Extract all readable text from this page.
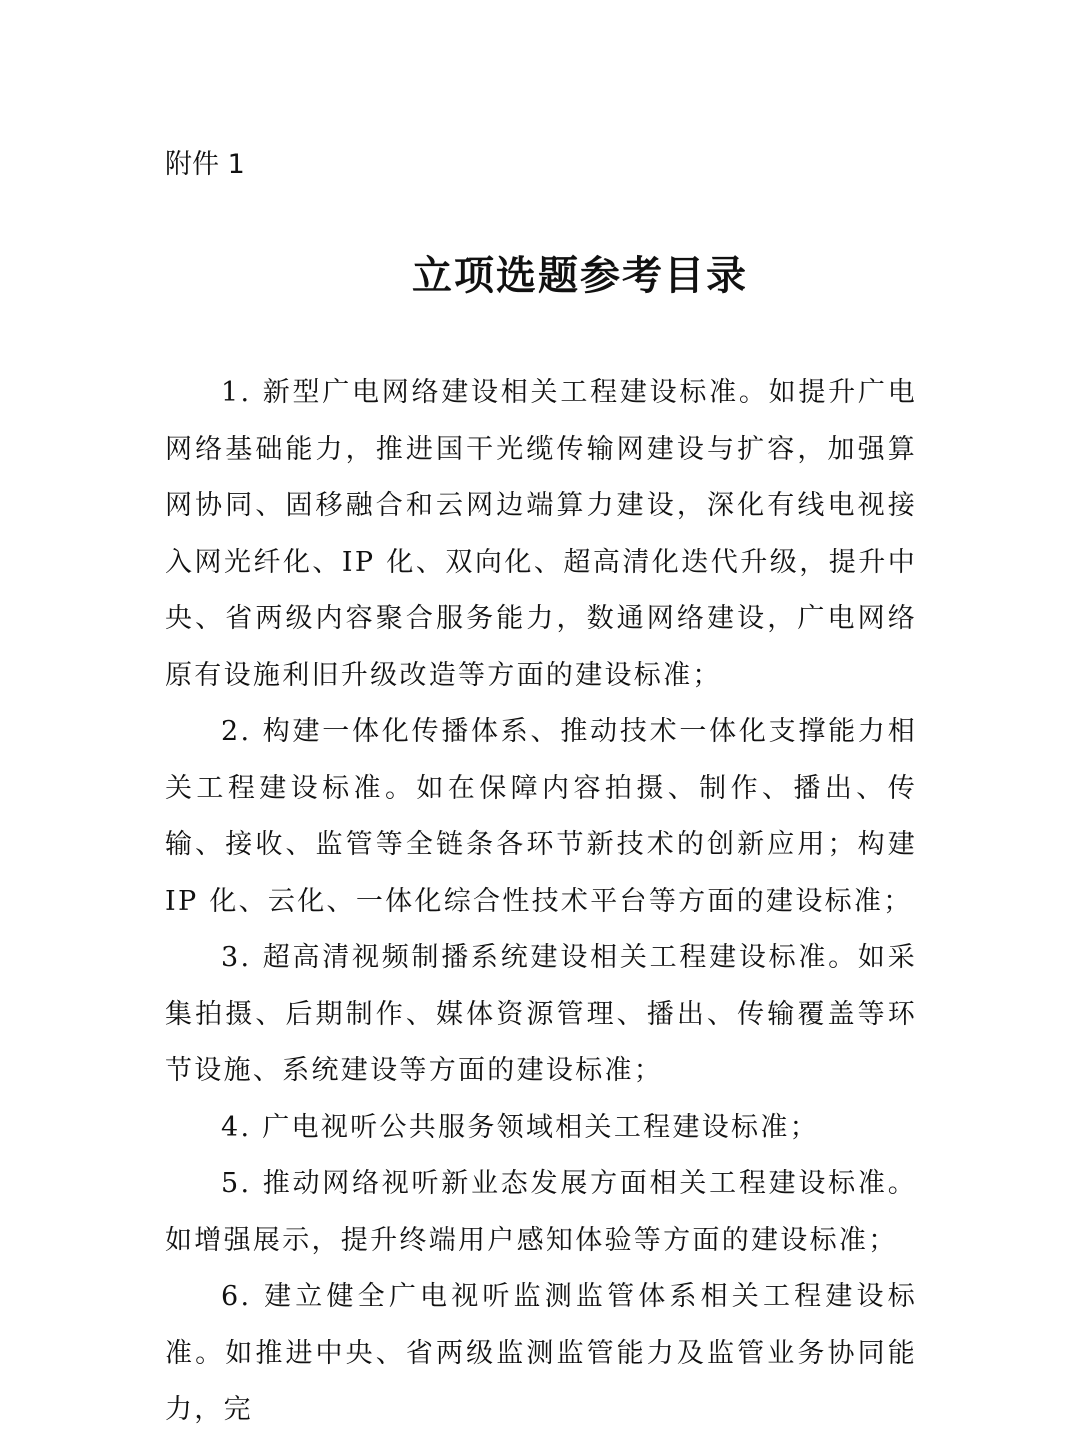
附件 1
立项选题参考目录

1. 新型广电网络建设相关工程建设标准。如提升广电网络基础能力，推进国干光缆传输网建设与扩容，加强算网协同、固移融合和云网边端算力建设，深化有线电视接入网光纤化、IP 化、双向化、超高清化迭代升级，提升中央、省两级内容聚合服务能力，数通网络建设，广电网络原有设施利旧升级改造等方面的建设标准；

2. 构建一体化传播体系、推动技术一体化支撑能力相关工程建设标准。如在保障内容拍摄、制作、播出、传输、接收、监管等全链条各环节新技术的创新应用；构建 IP 化、云化、一体化综合性技术平台等方面的建设标准；

3. 超高清视频制播系统建设相关工程建设标准。如采集拍摄、后期制作、媒体资源管理、播出、传输覆盖等环节设施、系统建设等方面的建设标准；

4. 广电视听公共服务领域相关工程建设标准；

5. 推动网络视听新业态发展方面相关工程建设标准。如增强展示，提升终端用户感知体验等方面的建设标准；

6. 建立健全广电视听监测监管体系相关工程建设标准。如推进中央、省两级监测监管能力及监管业务协同能力，完
